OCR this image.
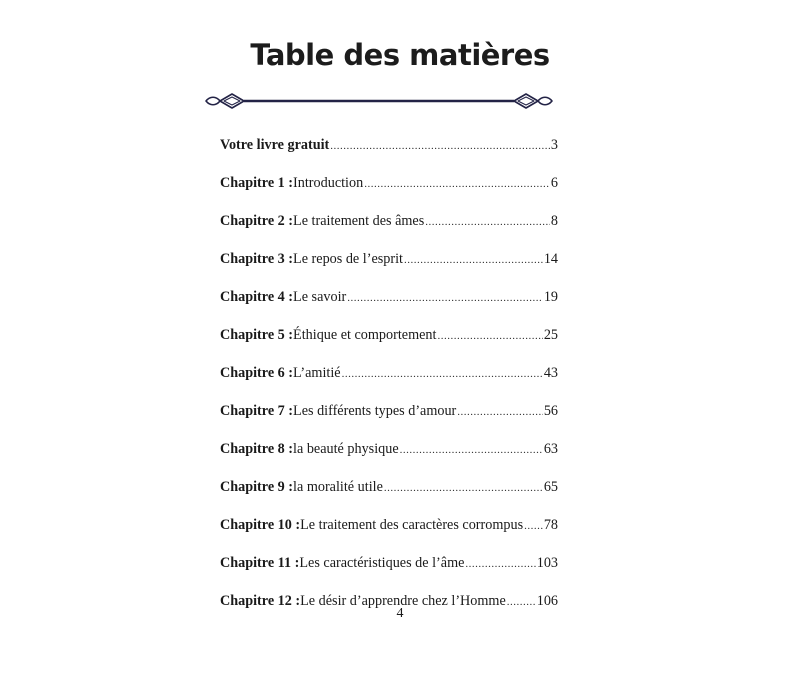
Table des matières
Votre livre gratuit .....	3
Chapitre 1 : Introduction .....	6
Chapitre 2 : Le traitement des âmes .....	8
Chapitre 3 : Le repos de l’esprit .....	14
Chapitre 4 : Le savoir .....	19
Chapitre 5 : Éthique et comportement .....	25
Chapitre 6 : L’amitié .....	43
Chapitre 7 : Les différents types d’amour .....	56
Chapitre 8 : la beauté physique .....	63
Chapitre 9 : la moralité utile .....	65
Chapitre 10 : Le traitement des caractères corrompus ..... 78
Chapitre 11 : Les caractéristiques de l’âme .....	103
Chapitre 12 : Le désir d’apprendre chez l’Homme ..... 106
4
